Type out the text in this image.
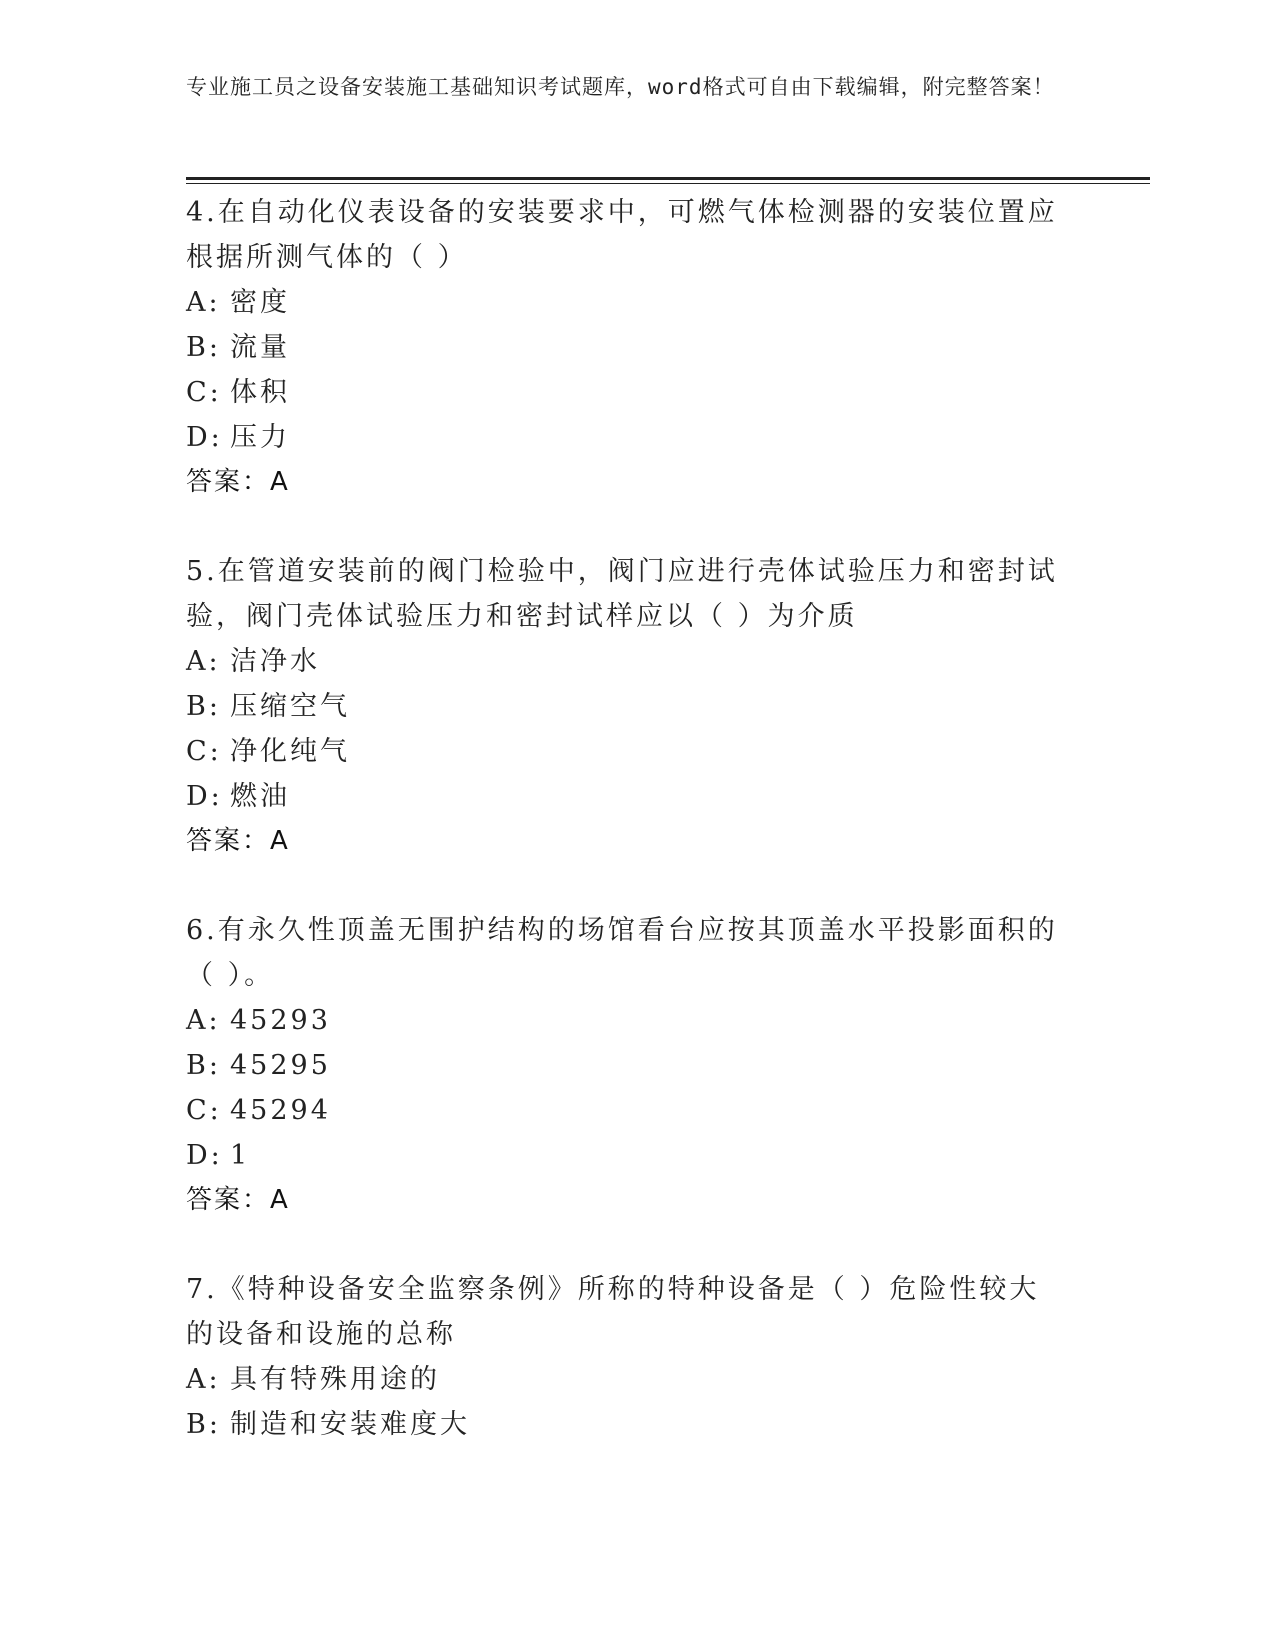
专业施工员之设备安装施工基础知识考试题库，word格式可自由下载编辑，附完整答案！

4.在自动化仪表设备的安装要求中，可燃气体检测器的安装位置应根据所测气体的（ ）

A: 密度

B: 流量

C: 体积

D: 压力

答案：A

5.在管道安装前的阀门检验中，阀门应进行壳体试验压力和密封试验，阀门壳体试验压力和密封试样应以（ ）为介质

A: 洁净水

B: 压缩空气

C: 净化纯气

D: 燃油

答案：A

6.有永久性顶盖无围护结构的场馆看台应按其顶盖水平投影面积的（ ）。

A: 45293

B: 45295

C: 45294

D: 1

答案：A

7.《特种设备安全监察条例》所称的特种设备是（ ）危险性较大的设备和设施的总称

A: 具有特殊用途的

B: 制造和安装难度大
